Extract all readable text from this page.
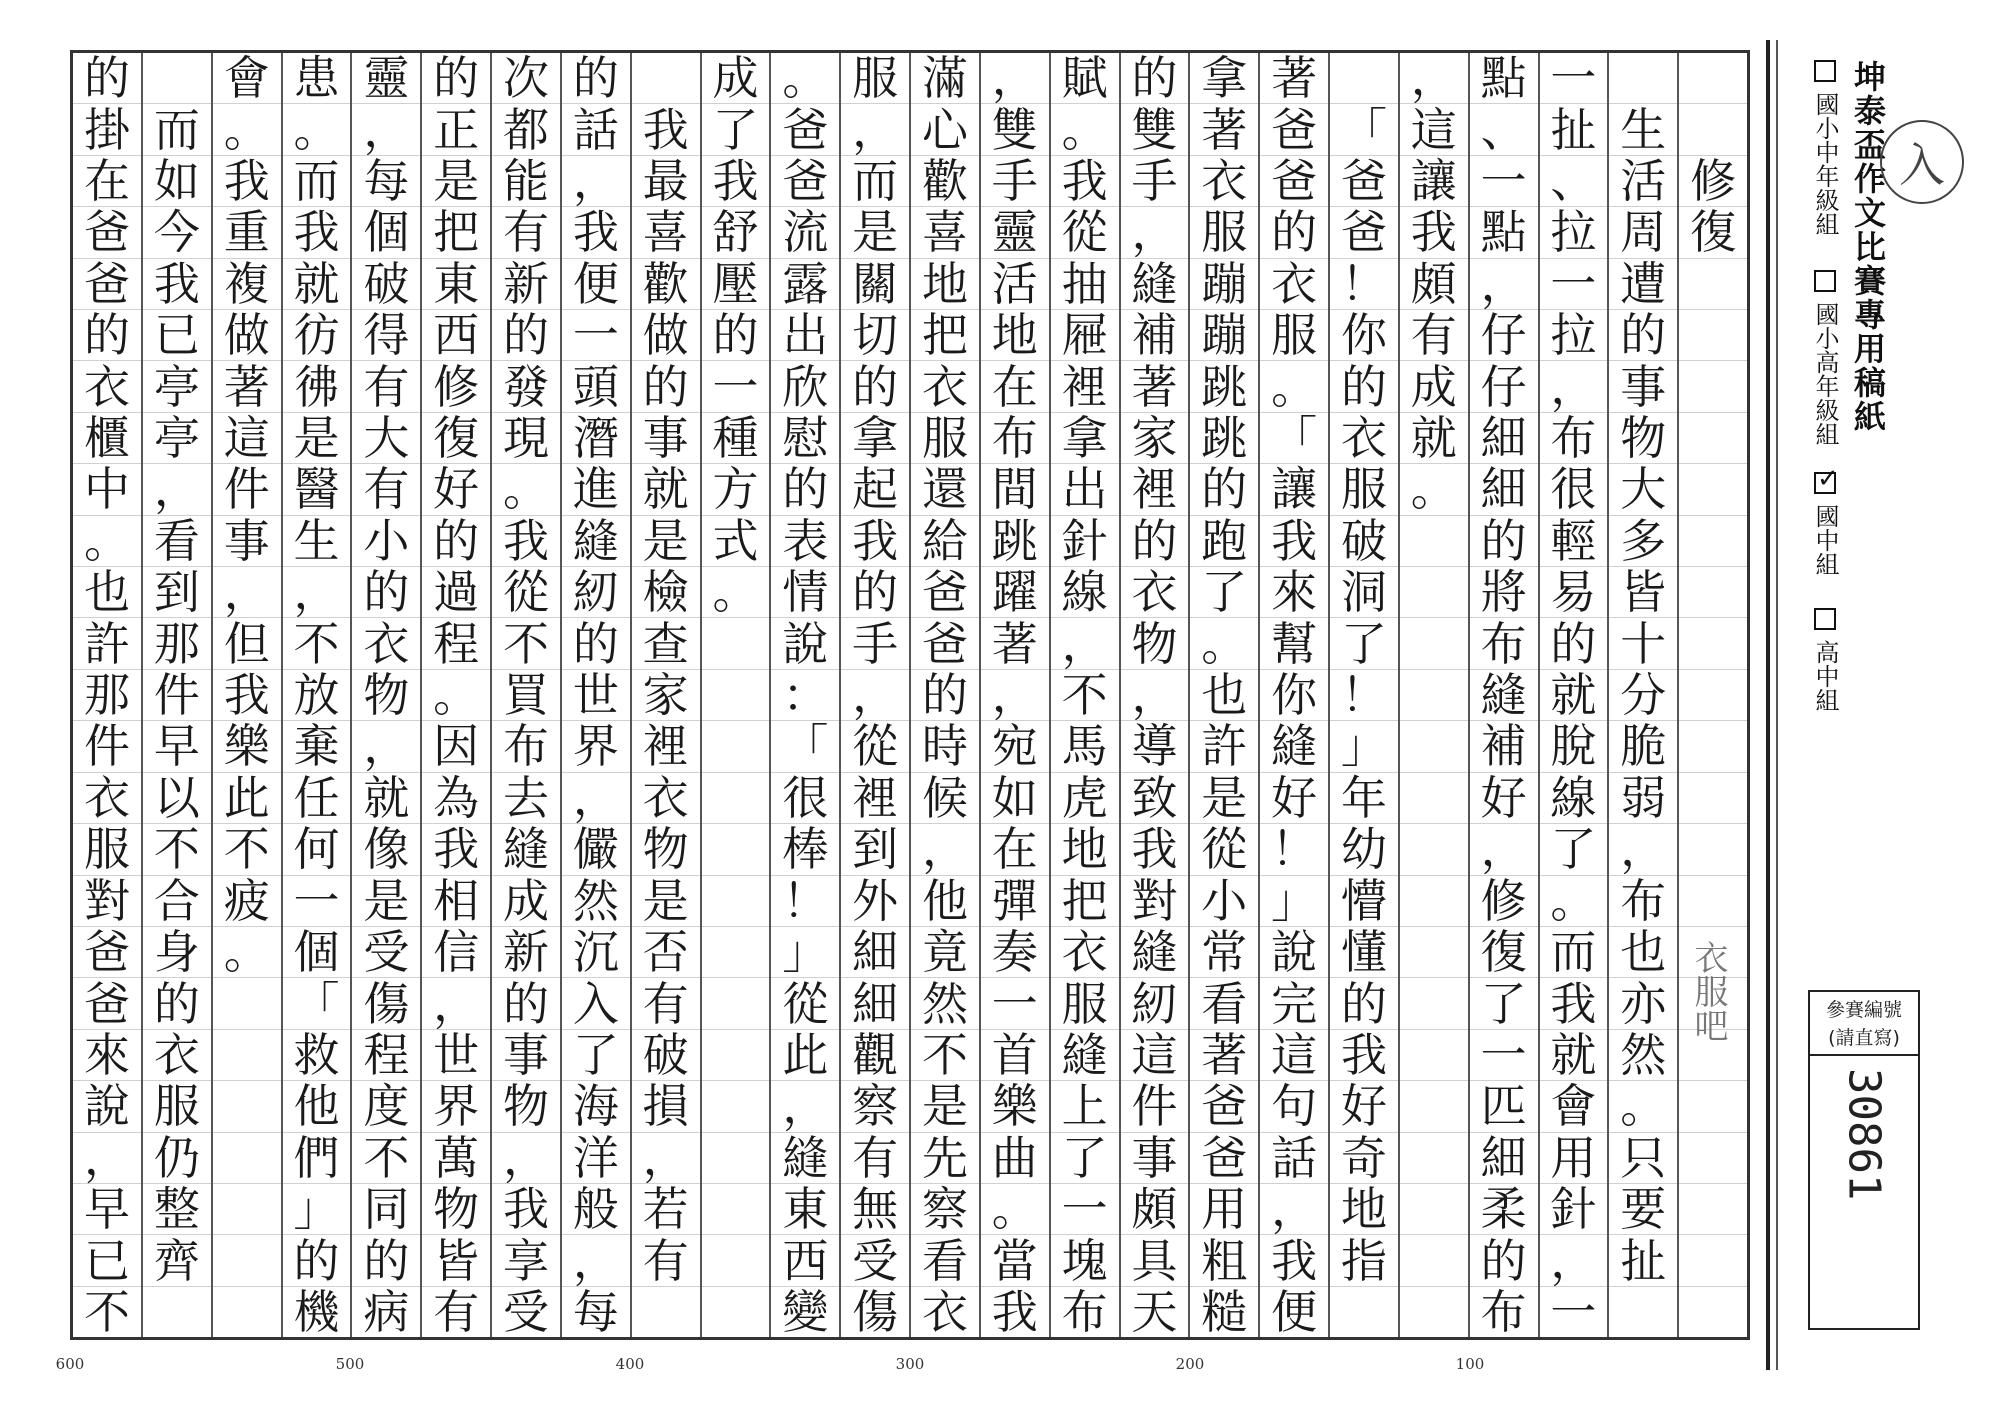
修
復
生
活
周
遭
的
事
物
大
多
皆
十
分
脆
弱
，
布
也
亦
然
。
只
要
扯
一
扯
、
拉
一
拉
，
布
很
輕
易
的
就
脫
線
了
。
而
我
就
會
用
針
，
一
點
、
一
點
，
仔
仔
細
細
的
將
布
縫
補
好
，
修
復
了
一
匹
細
柔
的
布
，
這
讓
我
頗
有
成
就
。
「
爸
爸
！
你
的
衣
服
破
洞
了
！
」
年
幼
懵
懂
的
我
好
奇
地
指
著
爸
爸
的
衣
服
。
「
讓
我
來
幫
你
縫
好
！
」
說
完
這
句
話
，
我
便
拿
著
衣
服
蹦
蹦
跳
跳
的
跑
了
。
也
許
是
從
小
常
看
著
爸
爸
用
粗
糙
的
雙
手
，
縫
補
著
家
裡
的
衣
物
，
導
致
我
對
縫
紉
這
件
事
頗
具
天
賦
。
我
從
抽
屜
裡
拿
出
針
線
，
不
馬
虎
地
把
衣
服
縫
上
了
一
塊
布
，
雙
手
靈
活
地
在
布
間
跳
躍
著
，
宛
如
在
彈
奏
一
首
樂
曲
。
當
我
滿
心
歡
喜
地
把
衣
服
還
給
爸
爸
的
時
候
，
他
竟
然
不
是
先
察
看
衣
服
，
而
是
關
切
的
拿
起
我
的
手
，
從
裡
到
外
細
細
觀
察
有
無
受
傷
。
爸
爸
流
露
出
欣
慰
的
表
情
說
：
「
很
棒
！
」
從
此
，
縫
東
西
變
成
了
我
舒
壓
的
一
種
方
式
。
我
最
喜
歡
做
的
事
就
是
檢
查
家
裡
衣
物
是
否
有
破
損
，
若
有
的
話
，
我
便
一
頭
潛
進
縫
紉
的
世
界
，
儼
然
沉
入
了
海
洋
般
，
每
次
都
能
有
新
的
發
現
。
我
從
不
買
布
去
縫
成
新
的
事
物
，
我
享
受
的
正
是
把
東
西
修
復
好
的
過
程
。
因
為
我
相
信
，
世
界
萬
物
皆
有
靈
，
每
個
破
得
有
大
有
小
的
衣
物
，
就
像
是
受
傷
程
度
不
同
的
病
患
。
而
我
就
彷
彿
是
醫
生
，
不
放
棄
任
何
一
個
「
救
他
們
」
的
機
會
。
我
重
複
做
著
這
件
事
，
但
我
樂
此
不
疲
。
而
如
今
我
已
亭
亭
，
看
到
那
件
早
以
不
合
身
的
衣
服
仍
整
齊
的
掛
在
爸
爸
的
衣
櫃
中
。
也
許
那
件
衣
服
對
爸
爸
來
說
，
早
已
不
100
200
300
400
500
600
衣服吧
坤泰盃作文比賽專用稿紙 入
國小中年級組
國小高年級組
✓國中組
高中組
參賽編號
(請直寫)
30861
